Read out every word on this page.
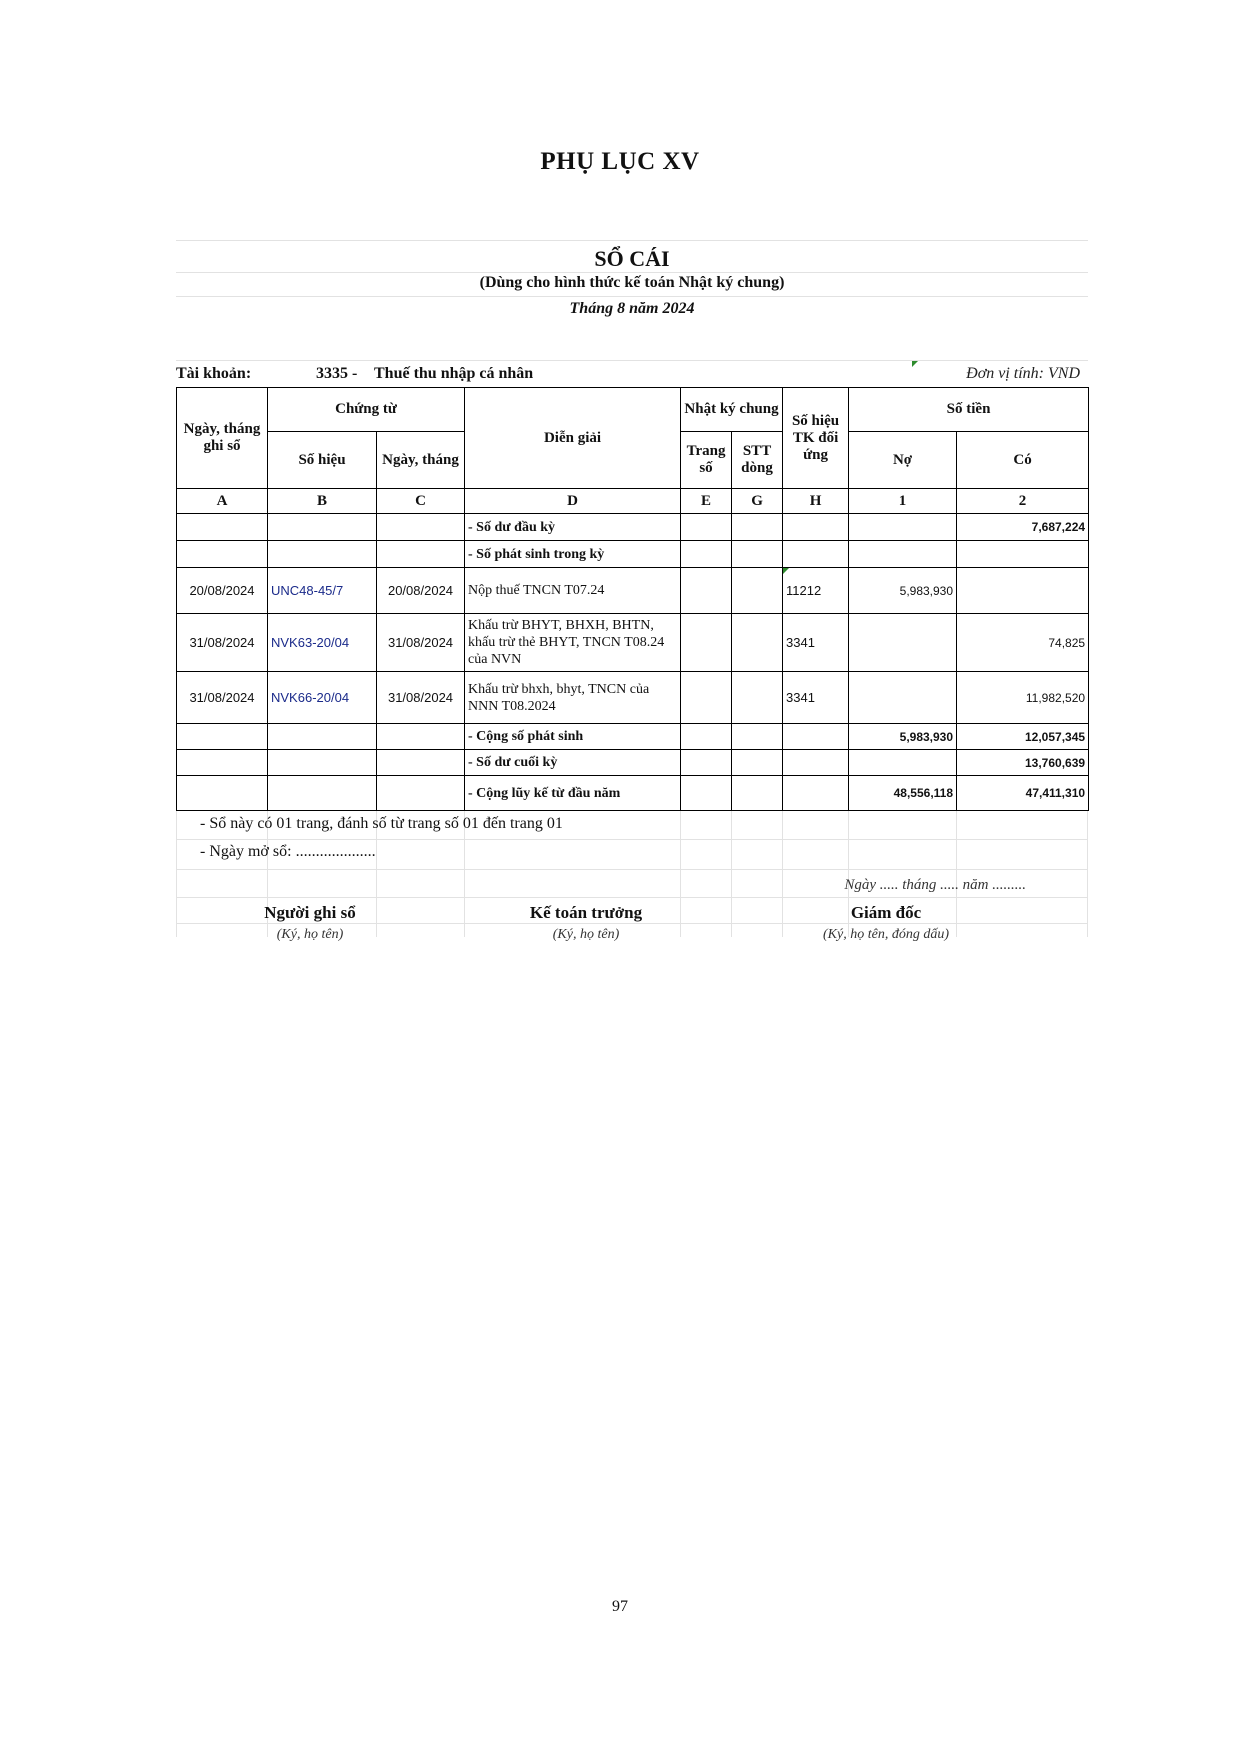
PHỤ LỤC XV
SỔ CÁI
(Dùng cho hình thức kế toán Nhật ký chung)
Tháng 8 năm 2024
Tài khoản:	3335 - Thuế thu nhập cá nhân	Đơn vị tính: VND
Ngày, tháng ghi sổ	Chứng từ		Diễn giải	Nhật ký chung		Số hiệu TK đối ứng	Số tiền	
	Số hiệu	Ngày, tháng		Trang số	STT dòng		Nợ	Có
A	B	C	D	E	G	H	1	2
			- Số dư đầu kỳ					7,687,224
			- Số phát sinh trong kỳ					
20/08/2024	UNC48-45/7	20/08/2024	Nộp thuế TNCN T07.24			11212	5,983,930	
31/08/2024	NVK63-20/04	31/08/2024	Khấu trừ BHYT, BHXH, BHTN, khấu trừ thẻ BHYT, TNCN T08.24 của NVN			3341		74,825
31/08/2024	NVK66-20/04	31/08/2024	Khấu trừ bhxh, bhyt, TNCN của NNN T08.2024			3341		11,982,520
			- Cộng số phát sinh				5,983,930	12,057,345
			- Số dư cuối kỳ					13,760,639
			- Cộng lũy kế từ đầu năm				48,556,118	47,411,310
- Sổ này có 01 trang, đánh số từ trang số 01 đến trang 01
- Ngày mở sổ: ....................
Ngày ..... tháng ..... năm .........
Người ghi sổ	Kế toán trưởng	Giám đốc
(Ký, họ tên)	(Ký, họ tên)	(Ký, họ tên, đóng dấu)
97
